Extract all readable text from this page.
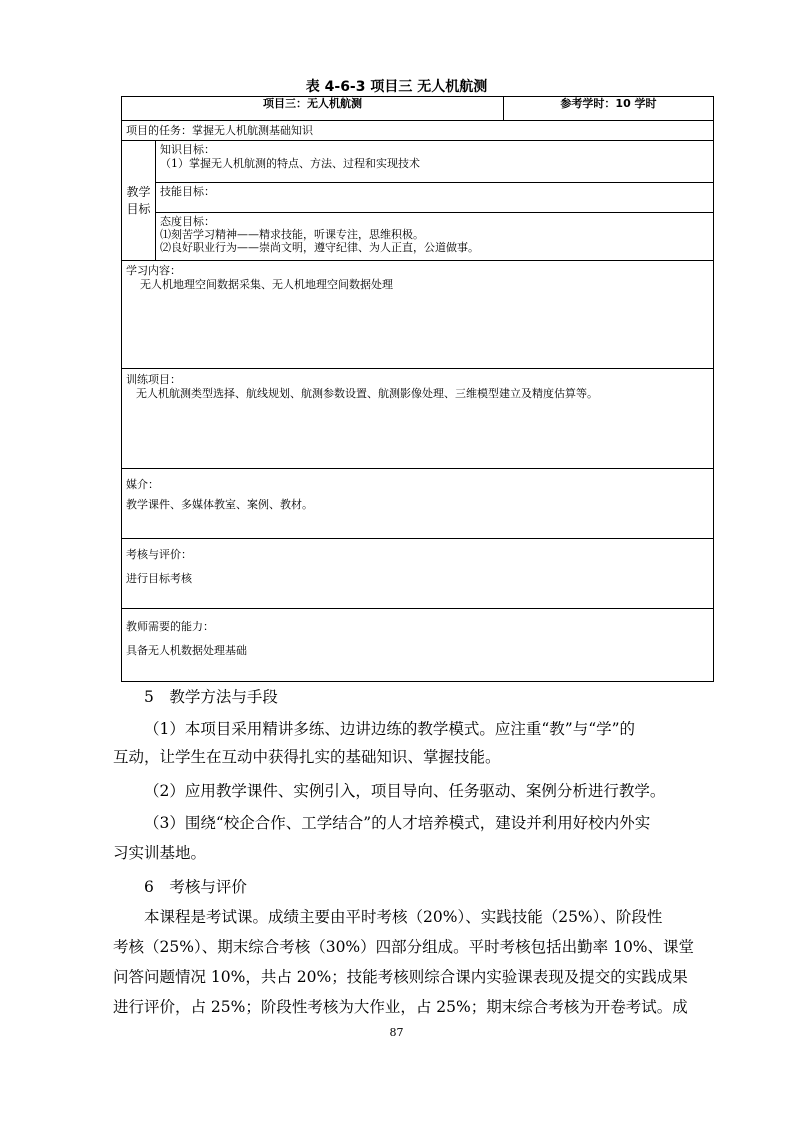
表 4-6-3 项目三 无人机航测
项目三：无人机航测		参考学时：10 学时
项目的任务：掌握无人机航测基础知识		

教学
目标	知识目标：
（1）掌握无人机航测的特点、方法、过程和实现技术	

	技能目标：	

	态度目标：
⑴刻苦学习精神——精求技能，听课专注，思维积极。
⑵良好职业行为——崇尚文明，遵守纪律、为人正直，公道做事。	

学习内容：
无人机地理空间数据采集、无人机地理空间数据处理		

训练项目：
无人机航测类型选择、航线规划、航测参数设置、航测影像处理、三维模型建立及精度估算等。		

媒介：
教学课件、多媒体教室、案例、教材。		

考核与评价：
进行目标考核		

教师需要的能力：
具备无人机数据处理基础		
5　教学方法与手段
（1）本项目采用精讲多练、边讲边练的教学模式。应注重“教”与“学”的
互动，让学生在互动中获得扎实的基础知识、掌握技能。
（2）应用教学课件、实例引入，项目导向、任务驱动、案例分析进行教学。
（3）围绕“校企合作、工学结合”的人才培养模式，建设并利用好校内外实
习实训基地。
6　考核与评价
本课程是考试课。成绩主要由平时考核（20%）、实践技能（25%）、阶段性
考核（25%）、期末综合考核（30%）四部分组成。平时考核包括出勤率 10%、课堂
问答问题情况 10%，共占 20%；技能考核则综合课内实验课表现及提交的实践成果
进行评价，占 25%；阶段性考核为大作业，占 25%；期末综合考核为开卷考试。成
87
